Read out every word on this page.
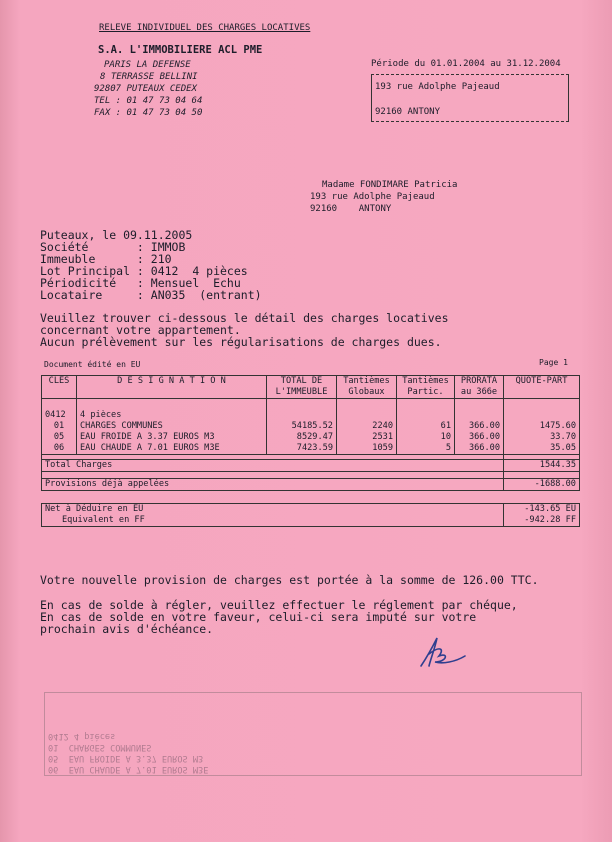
RELEVE INDIVIDUEL DES CHARGES LOCATIVES
S.A. L'IMMOBILIERE ACL PME
PARIS LA DEFENSE
8 TERRASSE BELLINI
92807 PUTEAUX CEDEX
TEL : 01 47 73 04 64
FAX : 01 47 73 04 50
Période du 01.01.2004 au 31.12.2004
193 rue Adolphe Pajeaud
92160 ANTONY
Madame FONDIMARE Patricia
193 rue Adolphe Pajeaud
92160    ANTONY
Puteaux, le 09.11.2005
Société       : IMMOB
Immeuble      : 210
Lot Principal : 0412  4 pièces
Périodicité   : Mensuel  Echu
Locataire     : AN035  (entrant)
Veuillez trouver ci-dessous le détail des charges locatives
concernant votre appartement.
Aucun prélèvement sur les régularisations de charges dues.
Document édité en EU	Page 1
CLES	D E S I G N A T I O N	TOTAL DE	Tantièmes	Tantièmes	PRORATA	QUOTE-PART
		L'IMMEUBLE	Globaux	Partic.	au 366e	

0412	4 pièces					
01	CHARGES COMMUNES	54185.52	2240	61	366.00	1475.60
05	EAU FROIDE A 3.37 EUROS M3	8529.47	2531	10	366.00	33.70
06	EAU CHAUDE A 7.01 EUROS M3E	7423.59	1059	5	366.00	35.05

Total Charges						1544.35

Provisions déjà appelées						-1688.00

Net à Déduire en EU						-143.65 EU
Equivalent en FF						-942.28 FF
Votre nouvelle provision de charges est portée à la somme de 126.00 TTC.
En cas de solde à régler, veuillez effectuer le réglement par chéque,
En cas de solde en votre faveur, celui-ci sera imputé sur votre
prochain avis d'échéance.
06  EAU CHAUDE A 7.01 EUROS M3E
05  EAU FROIDE A 3.37 EUROS M3
01  CHARGES COMMUNES
0412 4 pièces
